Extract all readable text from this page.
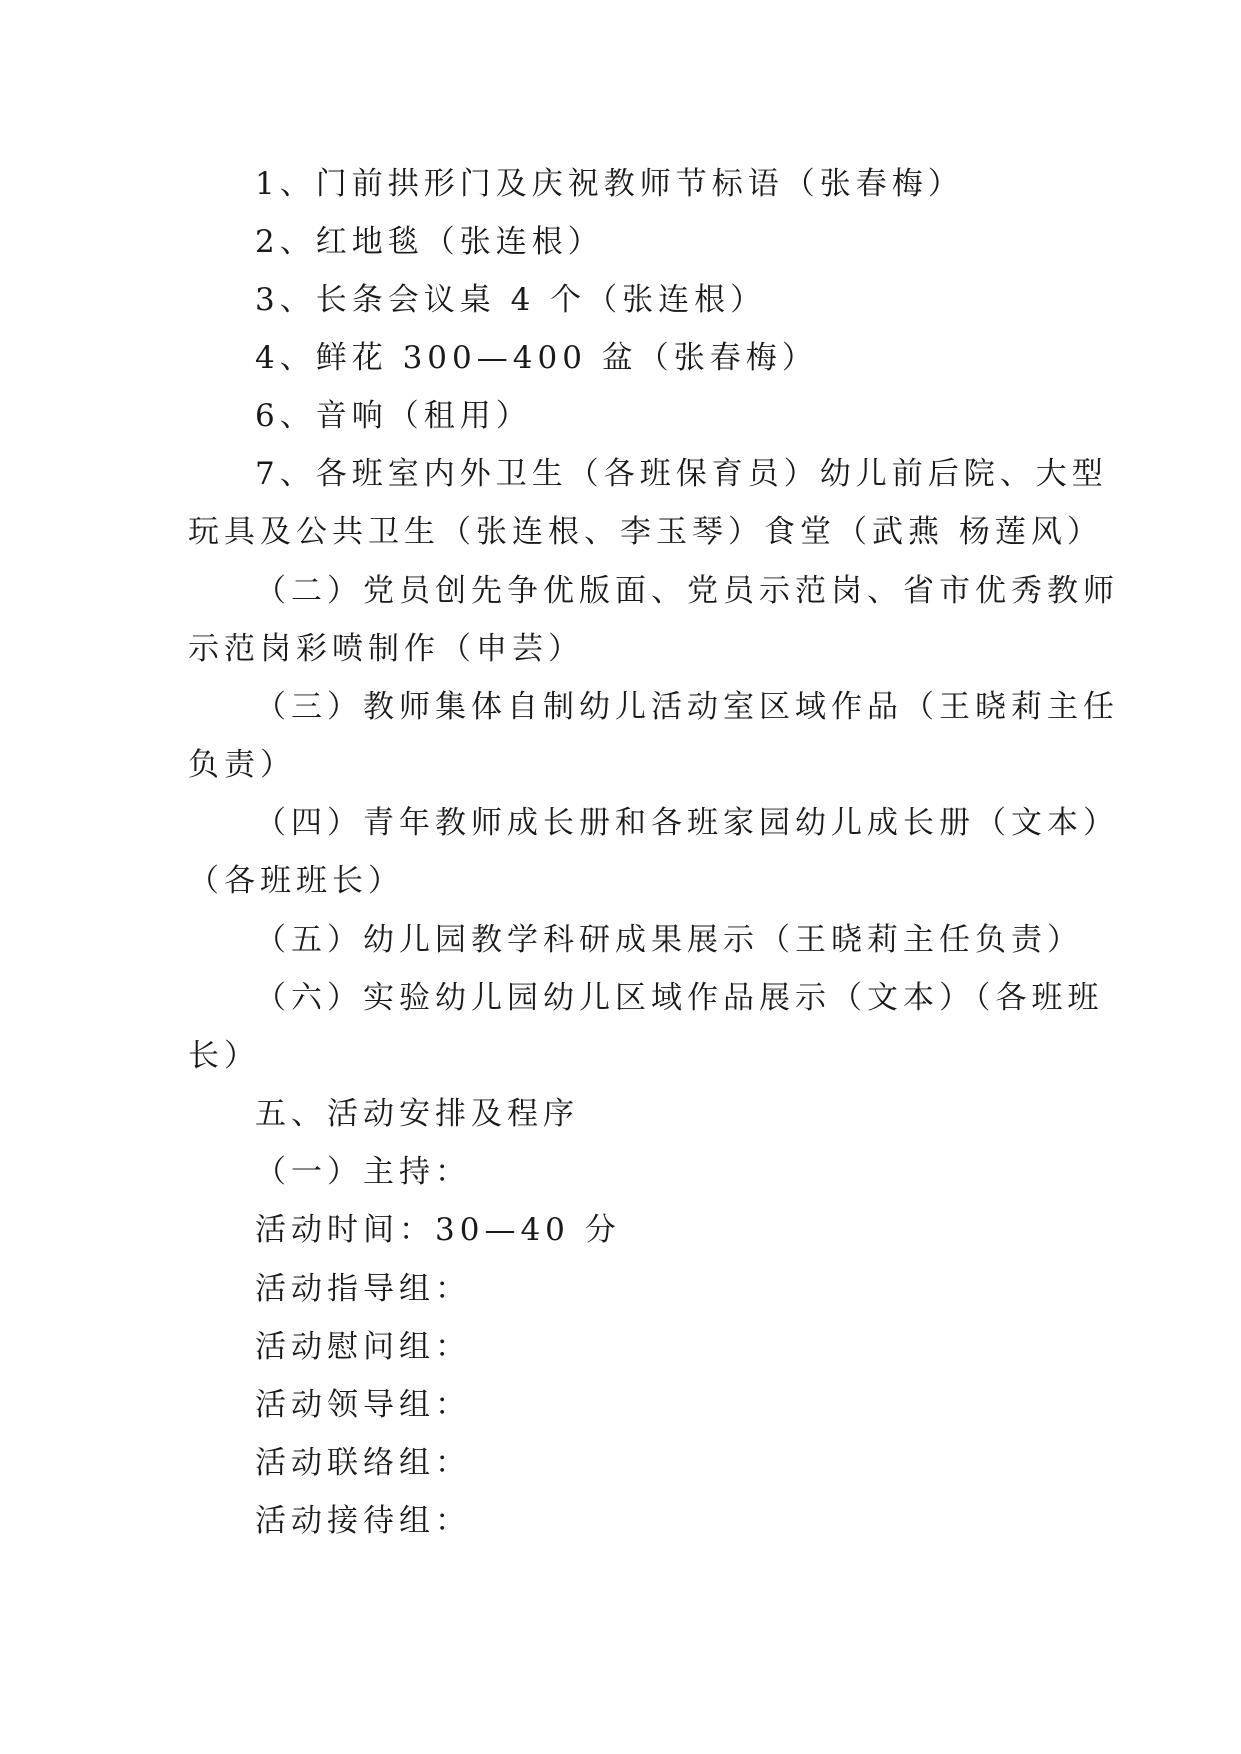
1、门前拱形门及庆祝教师节标语（张春梅）
2、红地毯（张连根）
3、长条会议桌 4 个（张连根）
4、鲜花 300—400 盆（张春梅）
6、音响（租用）
7、各班室内外卫生（各班保育员）幼儿前后院、大型
玩具及公共卫生（张连根、李玉琴）食堂（武燕 杨莲风）
（二）党员创先争优版面、党员示范岗、省市优秀教师
示范岗彩喷制作（申芸）
（三）教师集体自制幼儿活动室区域作品（王晓莉主任
负责）
（四）青年教师成长册和各班家园幼儿成长册（文本）
（各班班长）
（五）幼儿园教学科研成果展示（王晓莉主任负责）
（六）实验幼儿园幼儿区域作品展示（文本）（各班班
长）
五、活动安排及程序
（一）主持：
活动时间：30—40 分
活动指导组：
活动慰问组：
活动领导组：
活动联络组：
活动接待组：
